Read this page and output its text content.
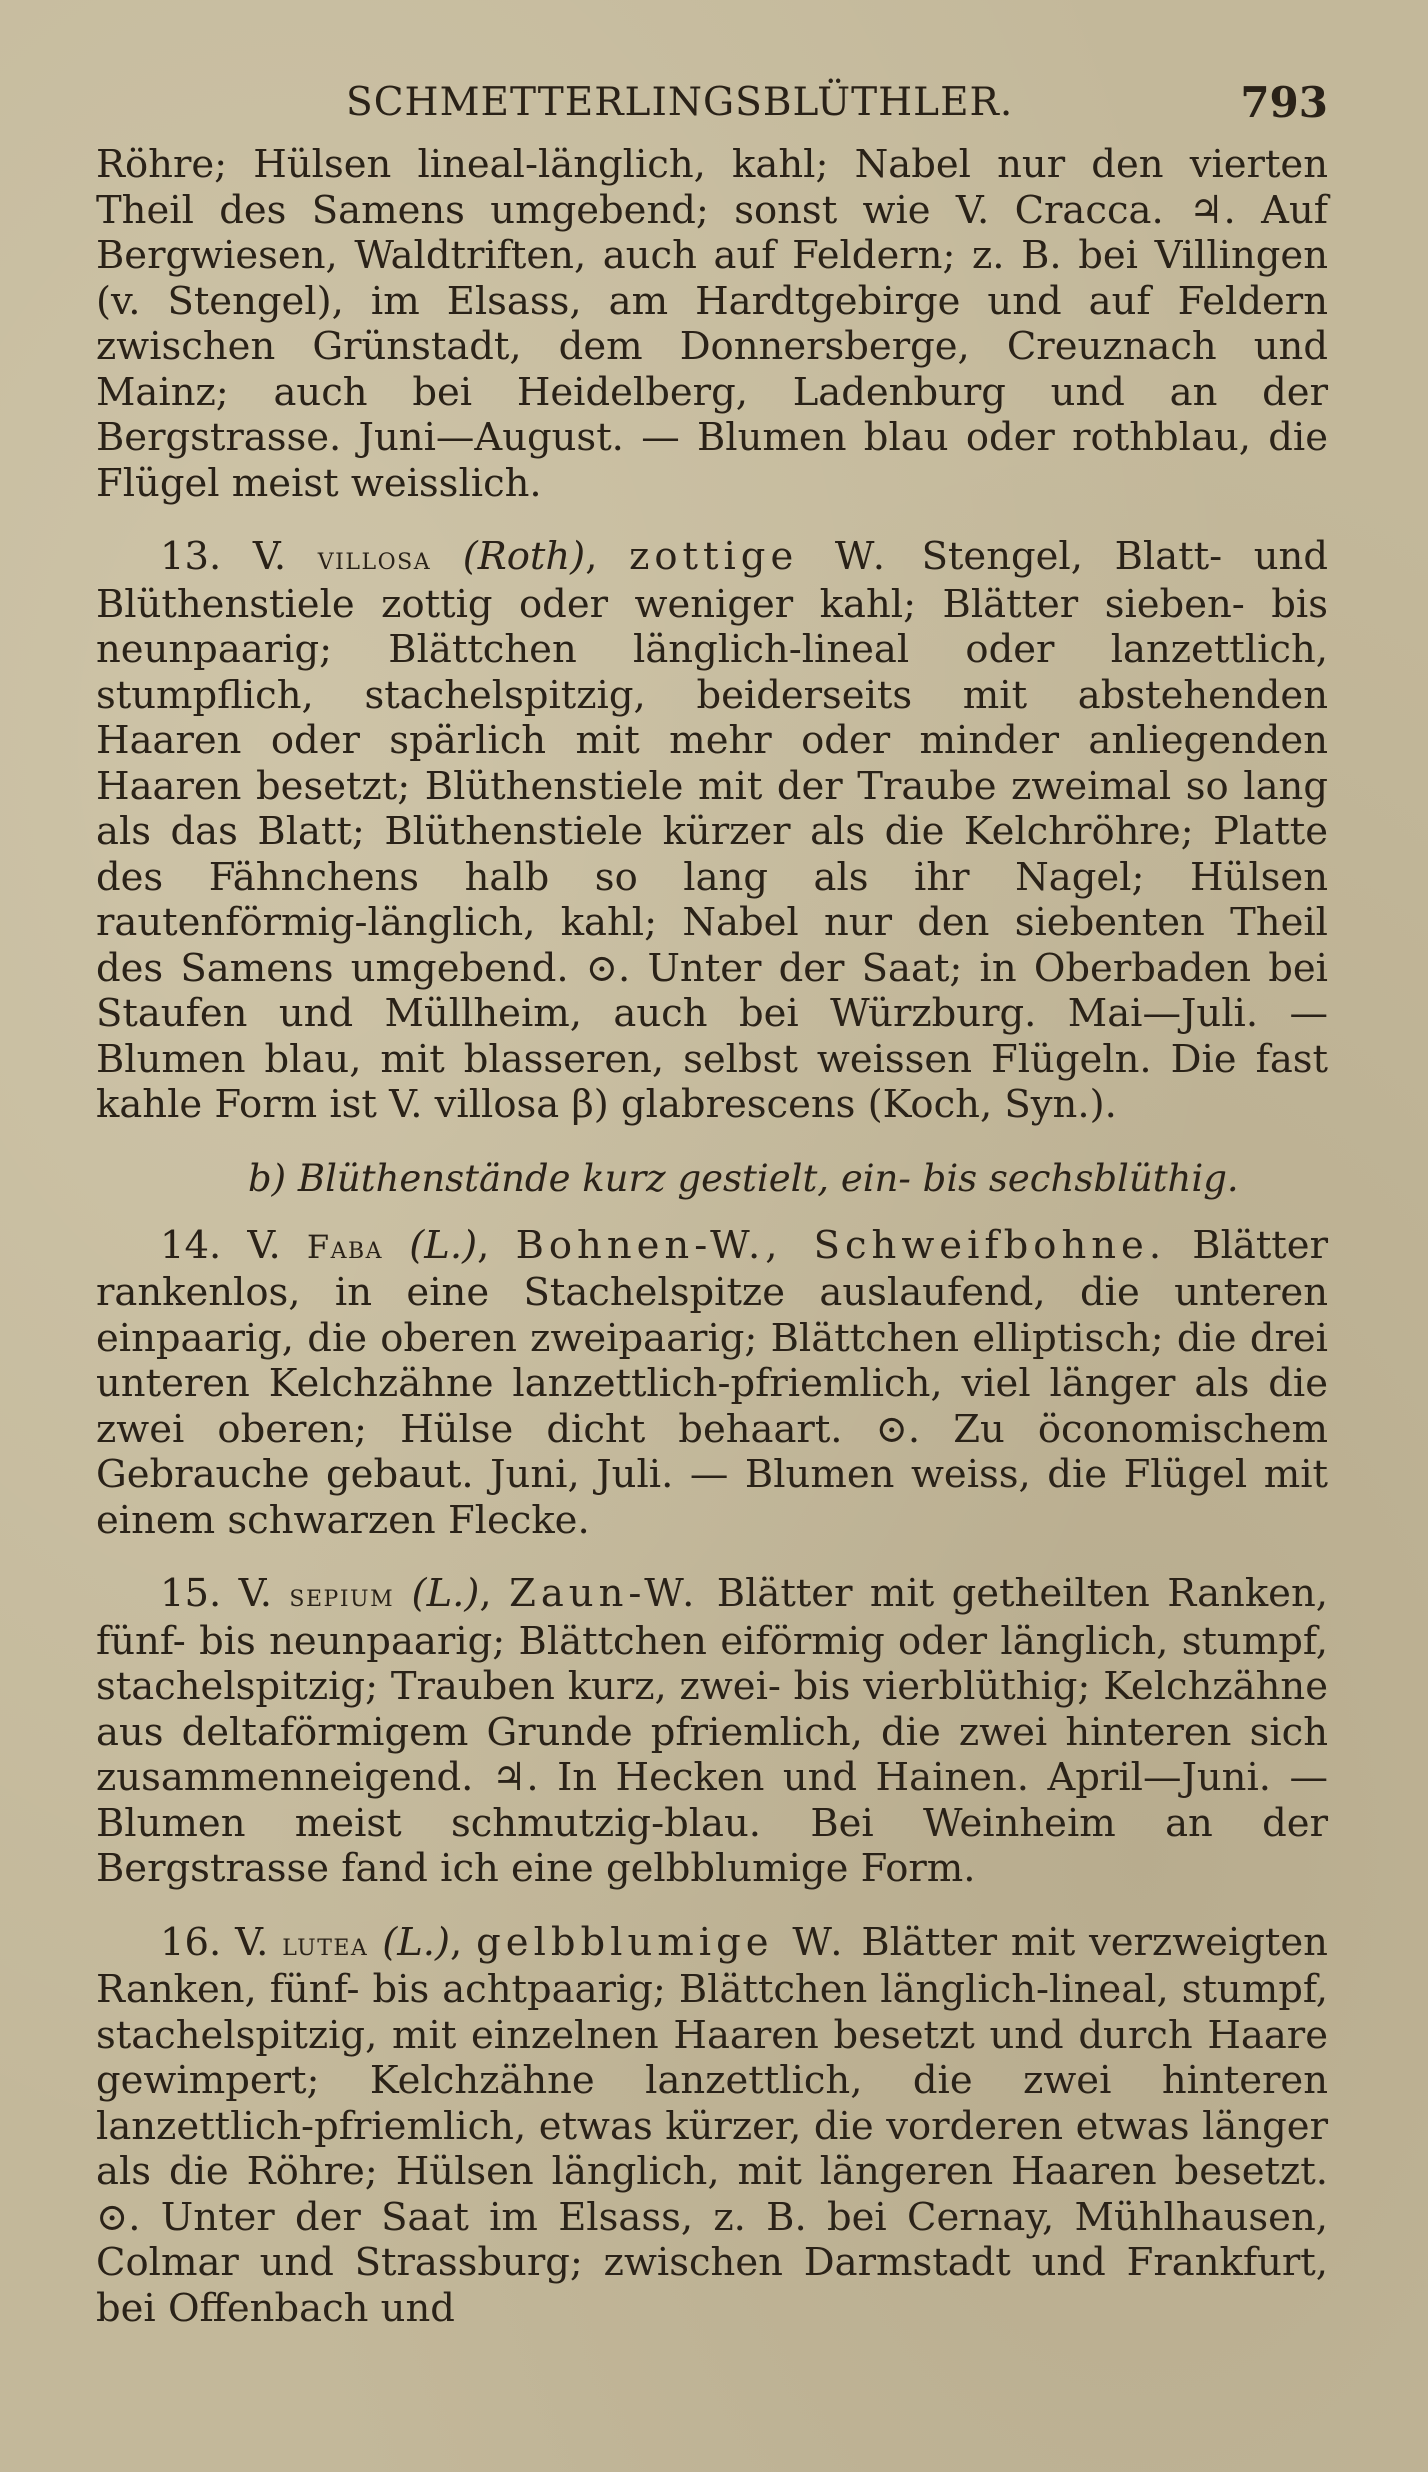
SCHMETTERLINGSBLÜTHLER.	793

Röhre; Hülsen lineal-länglich, kahl; Nabel nur den vierten Theil des Samens umgebend; sonst wie V. Cracca. ♃. Auf Bergwiesen, Waldtriften, auch auf Feldern; z. B. bei Villingen (v. Stengel), im Elsass, am Hardtgebirge und auf Feldern zwischen Grünstadt, dem Donnersberge, Creuznach und Mainz; auch bei Heidelberg, Ladenburg und an der Bergstrasse. Juni—August. — Blumen blau oder rothblau, die Flügel meist weisslich.

13. V. villosa (Roth), zottige W. Stengel, Blatt- und Blüthenstiele zottig oder weniger kahl; Blätter sieben- bis neunpaarig; Blättchen länglich-lineal oder lanzettlich, stumpflich, stachelspitzig, beiderseits mit abstehenden Haaren oder spärlich mit mehr oder minder anliegenden Haaren besetzt; Blüthenstiele mit der Traube zweimal so lang als das Blatt; Blüthenstiele kürzer als die Kelchröhre; Platte des Fähnchens halb so lang als ihr Nagel; Hülsen rautenförmig-länglich, kahl; Nabel nur den siebenten Theil des Samens umgebend. ⊙. Unter der Saat; in Oberbaden bei Staufen und Müllheim, auch bei Würzburg. Mai—Juli. — Blumen blau, mit blasseren, selbst weissen Flügeln. Die fast kahle Form ist V. villosa β) glabrescens (Koch, Syn.).

b) Blüthenstände kurz gestielt, ein- bis sechsblüthig.

14. V. Faba (L.), Bohnen-W., Schweifbohne. Blätter rankenlos, in eine Stachelspitze auslaufend, die unteren einpaarig, die oberen zweipaarig; Blättchen elliptisch; die drei unteren Kelchzähne lanzettlich-pfriemlich, viel länger als die zwei oberen; Hülse dicht behaart. ⊙. Zu öconomischem Gebrauche gebaut. Juni, Juli. — Blumen weiss, die Flügel mit einem schwarzen Flecke.

15. V. sepium (L.), Zaun-W. Blätter mit getheilten Ranken, fünf- bis neunpaarig; Blättchen eiförmig oder länglich, stumpf, stachelspitzig; Trauben kurz, zwei- bis vierblüthig; Kelchzähne aus deltaförmigem Grunde pfriemlich, die zwei hinteren sich zusammenneigend. ♃. In Hecken und Hainen. April—Juni. — Blumen meist schmutzig-blau. Bei Weinheim an der Bergstrasse fand ich eine gelbblumige Form.

16. V. lutea (L.), gelbblumige W. Blätter mit verzweigten Ranken, fünf- bis achtpaarig; Blättchen länglich-lineal, stumpf, stachelspitzig, mit einzelnen Haaren besetzt und durch Haare gewimpert; Kelchzähne lanzettlich, die zwei hinteren lanzettlich-pfriemlich, etwas kürzer, die vorderen etwas länger als die Röhre; Hülsen länglich, mit längeren Haaren besetzt. ⊙. Unter der Saat im Elsass, z. B. bei Cernay, Mühlhausen, Colmar und Strassburg; zwischen Darmstadt und Frankfurt, bei Offenbach und
